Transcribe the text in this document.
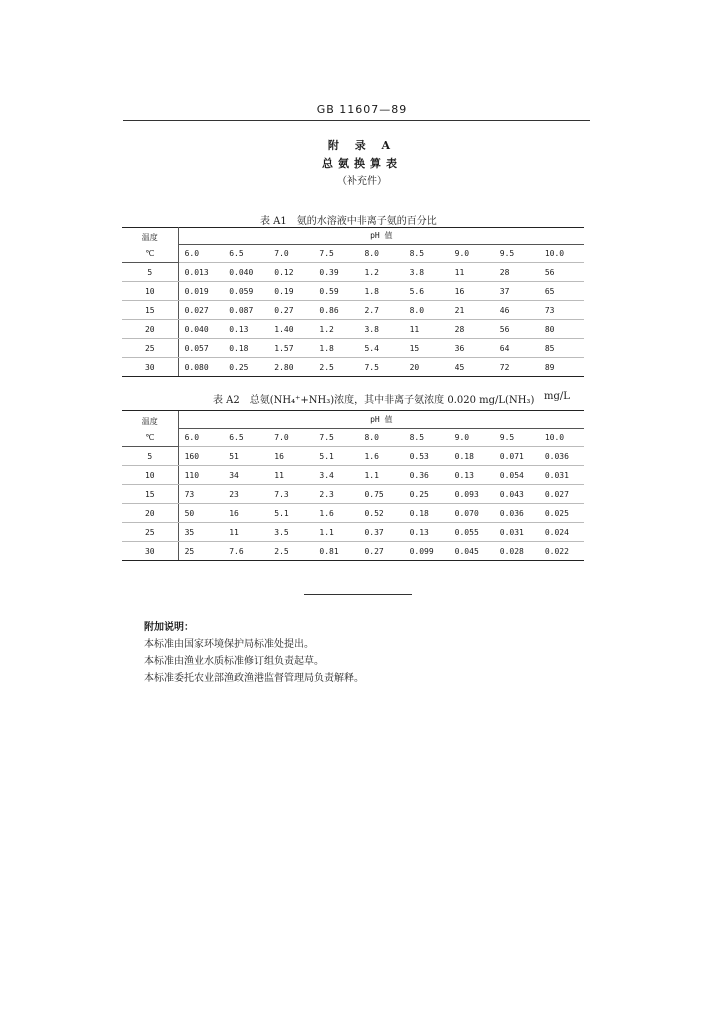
GB 11607—89
附 录 A
总氨换算表
（补充件）
表 A1　氨的水溶液中非离子氨的百分比
温度
℃	pH 值								
	6.0	6.5	7.0	7.5	8.0	8.5	9.0	9.5	10.0
5	0.013	0.040	0.12	0.39	1.2	3.8	11	28	56
10	0.019	0.059	0.19	0.59	1.8	5.6	16	37	65
15	0.027	0.087	0.27	0.86	2.7	8.0	21	46	73
20	0.040	0.13	1.40	1.2	3.8	11	28	56	80
25	0.057	0.18	1.57	1.8	5.4	15	36	64	85
30	0.080	0.25	2.80	2.5	7.5	20	45	72	89
表 A2　总氨(NH₄⁺+NH₃)浓度，其中非离子氨浓度 0.020 mg/L(NH₃) mg/L
温度
℃	pH 值								
	6.0	6.5	7.0	7.5	8.0	8.5	9.0	9.5	10.0
5	160	51	16	5.1	1.6	0.53	0.18	0.071	0.036
10	110	34	11	3.4	1.1	0.36	0.13	0.054	0.031
15	73	23	7.3	2.3	0.75	0.25	0.093	0.043	0.027
20	50	16	5.1	1.6	0.52	0.18	0.070	0.036	0.025
25	35	11	3.5	1.1	0.37	0.13	0.055	0.031	0.024
30	25	7.6	2.5	0.81	0.27	0.099	0.045	0.028	0.022
附加说明：
本标准由国家环境保护局标准处提出。
本标准由渔业水质标准修订组负责起草。
本标准委托农业部渔政渔港监督管理局负责解释。
